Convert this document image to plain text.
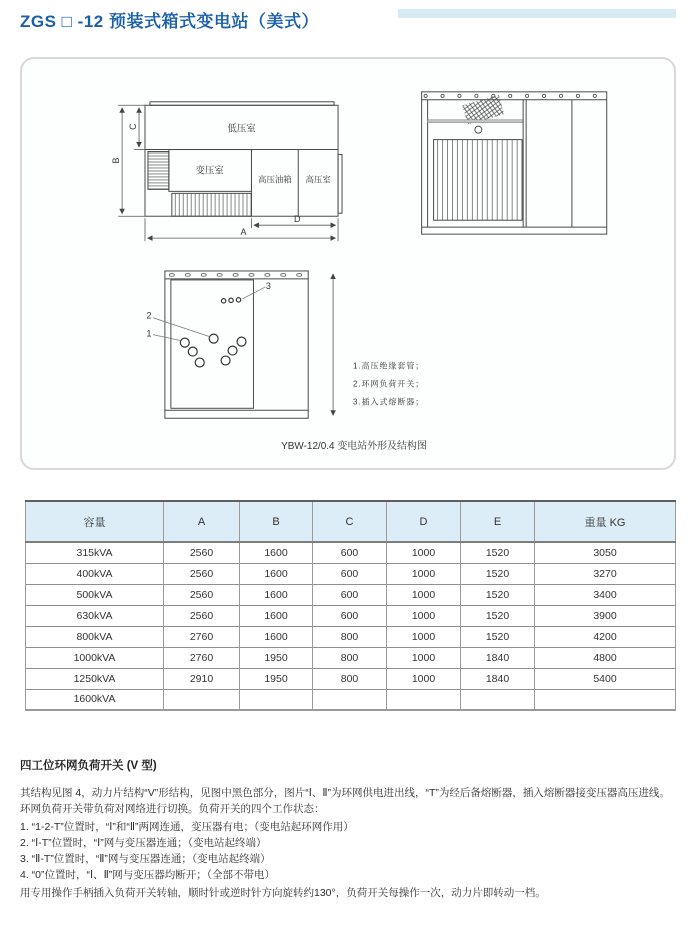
ZGS □ -12 预装式箱式变电站（美式）
低压室
变压室
高压油箱 高压室
C
B
D
A
3
2
1
1.高压绝缘套管；
2.环网负荷开关；
3.插入式熔断器；
YBW-12/0.4 变电站外形及结构图
容量	A	B	C	D	E	重量 KG
315kVA	2560	1600	600	1000	1520	3050
400kVA	2560	1600	600	1000	1520	3270
500kVA	2560	1600	600	1000	1520	3400
630kVA	2560	1600	600	1000	1520	3900
800kVA	2760	1600	800	1000	1520	4200
1000kVA	2760	1950	800	1000	1840	4800
1250kVA	2910	1950	800	1000	1840	5400
1600kVA						
四工位环网负荷开关 (V 型)
其结构见图 4，动力片结构“V”形结构，见图中黑色部分，图片“Ⅰ、Ⅱ”为环网供电进出线，“T”为经后备熔断器，插入熔断器接变压器高压进线。环网负荷开关带负荷对网络进行切换。负荷开关的四个工作状态：
1. “1-2-T”位置时，“Ⅰ”和“Ⅱ”两网连通，变压器有电；（变电站起环网作用）
2. “Ⅰ-T”位置时，“Ⅰ”网与变压器连通；（变电站起终端）
3. “Ⅱ-T”位置时，“Ⅱ”网与变压器连通；（变电站起终端）
4. “0”位置时，“Ⅰ、Ⅱ”网与变压器均断开；（全部不带电）
用专用操作手柄插入负荷开关转轴，顺时针或逆时针方向旋转约130°，负荷开关每操作一次，动力片即转动一档。
